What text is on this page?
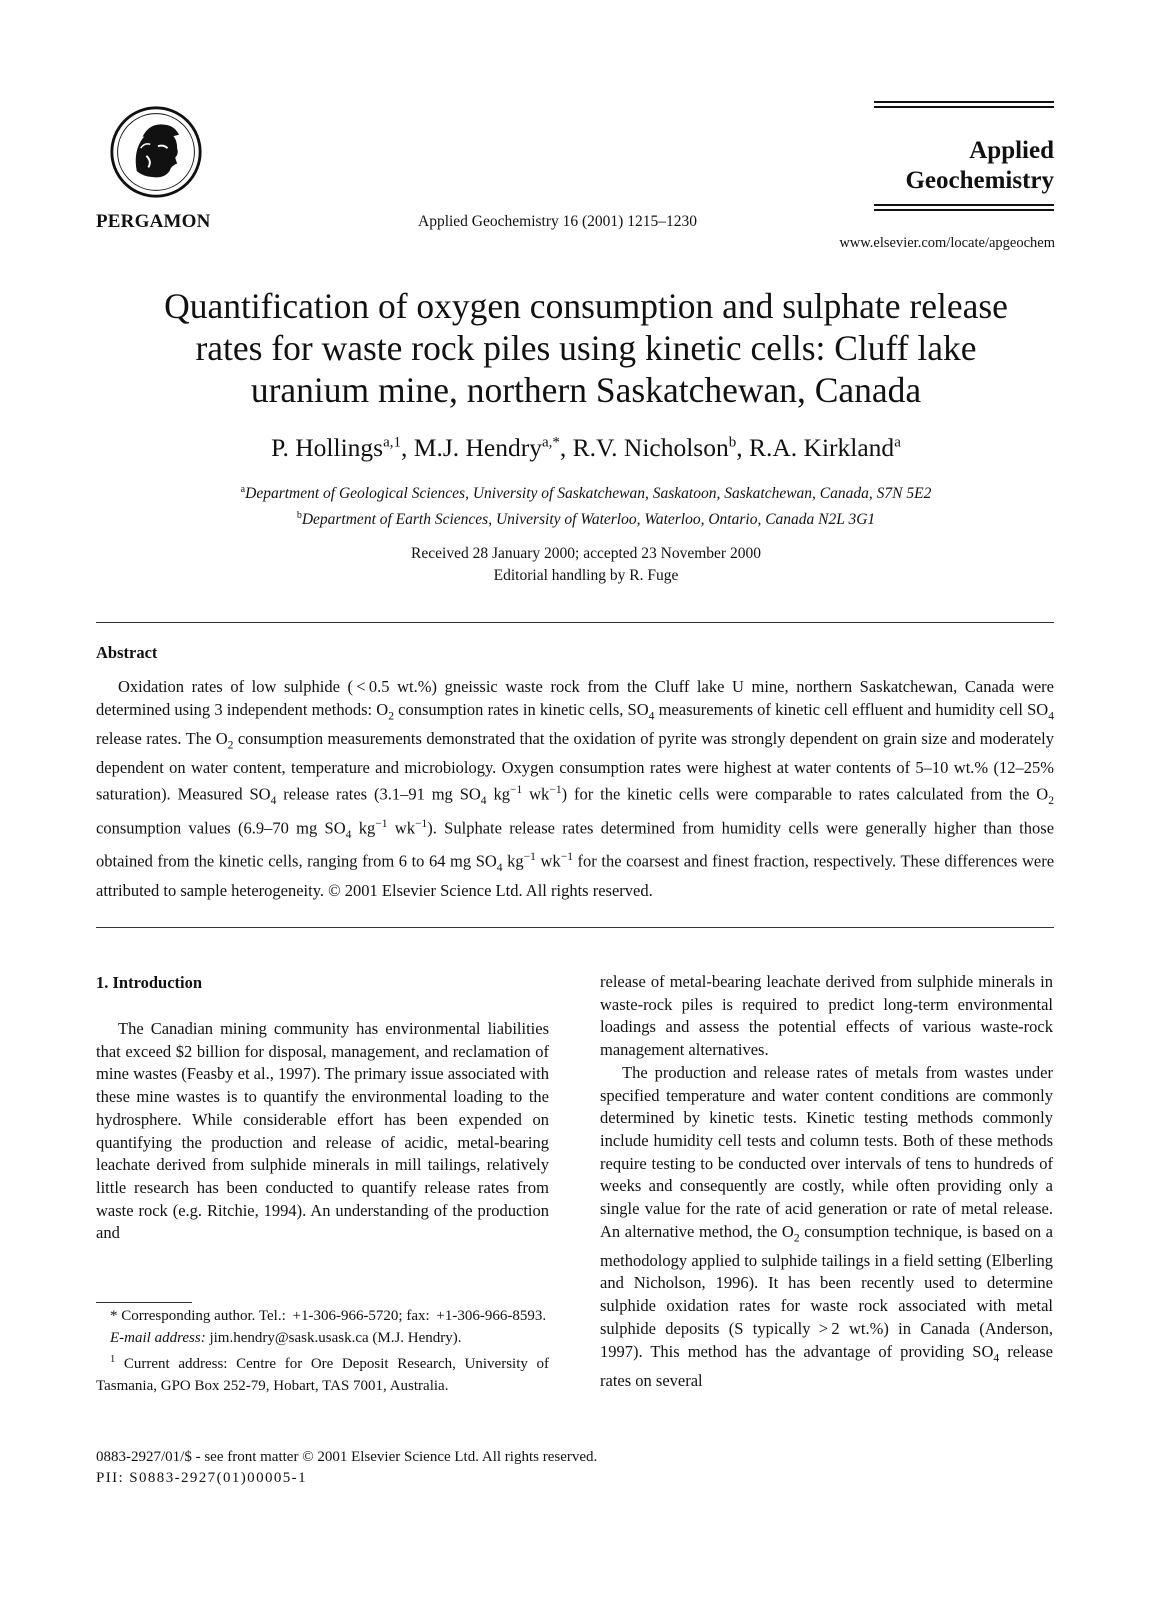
PERGAMON	Applied Geochemistry 16 (2001) 1215–1230
Applied
Geochemistry
www.elsevier.com/locate/apgeochem
Quantification of oxygen consumption and sulphate release
rates for waste rock piles using kinetic cells: Cluff lake
uranium mine, northern Saskatchewan, Canada
P. Hollings$^{a,1}$, M.J. Hendry$^{a,*}$, R.V. Nicholson$^b$, R.A. Kirkland$^a$
$^a$Department of Geological Sciences, University of Saskatchewan, Saskatoon, Saskatchewan, Canada, S7N 5E2
$^b$Department of Earth Sciences, University of Waterloo, Waterloo, Ontario, Canada N2L 3G1
Received 28 January 2000; accepted 23 November 2000
Editorial handling by R. Fuge
Abstract
Oxidation rates of low sulphide ( < 0.5 wt.%) gneissic waste rock from the Cluff lake U mine, northern Saskatchewan, Canada were determined using 3 independent methods: $O_2$ consumption rates in kinetic cells, $SO_4$ measurements of kinetic cell effluent and humidity cell $SO_4$ release rates. The $O_2$ consumption measurements demonstrated that the oxidation of pyrite was strongly dependent on grain size and moderately dependent on water content, temperature and microbiology. Oxygen consumption rates were highest at water contents of 5–10 wt.% (12–25% saturation). Measured $SO_4$ release rates (3.1–91 mg $SO_4$ $kg^{-1}$ $wk^{-1}$) for the kinetic cells were comparable to rates calculated from the $O_2$ consumption values (6.9–70 mg $SO_4$ $kg^{-1}$ $wk^{-1}$). Sulphate release rates determined from humidity cells were generally higher than those obtained from the kinetic cells, ranging from 6 to 64 mg $SO_4$ $kg^{-1}$ $wk^{-1}$ for the coarsest and finest fraction, respectively. These differences were attributed to sample heterogeneity. © 2001 Elsevier Science Ltd. All rights reserved.
1. Introduction

The Canadian mining community has environmental liabilities that exceed $2 billion for disposal, management, and reclamation of mine wastes (Feasby et al., 1997). The primary issue associated with these mine wastes is to quantify the environmental loading to the hydrosphere. While considerable effort has been expended on quantifying the production and release of acidic, metal-bearing leachate derived from sulphide minerals in mill tailings, relatively little research has been conducted to quantify release rates from waste rock (e.g. Ritchie, 1994). An understanding of the production and

release of metal-bearing leachate derived from sulphide minerals in waste-rock piles is required to predict long-term environmental loadings and assess the potential effects of various waste-rock management alternatives.

The production and release rates of metals from wastes under specified temperature and water content conditions are commonly determined by kinetic tests. Kinetic testing methods commonly include humidity cell tests and column tests. Both of these methods require testing to be conducted over intervals of tens to hundreds of weeks and consequently are costly, while often providing only a single value for the rate of acid generation or rate of metal release. An alternative method, the $O_2$ consumption technique, is based on a methodology applied to sulphide tailings in a field setting (Elberling and Nicholson, 1996). It has been recently used to determine sulphide oxidation rates for waste rock associated with metal sulphide deposits (S typically > 2 wt.%) in Canada (Anderson, 1997). This method has the advantage of providing $SO_4$ release rates on several

* Corresponding author. Tel.:  +1-306-966-5720; fax:  +1-306-966-8593.

E-mail address: jim.hendry@sask.usask.ca (M.J. Hendry).

$^1$ Current address: Centre for Ore Deposit Research, University of Tasmania, GPO Box 252-79, Hobart, TAS 7001, Australia.

0883-2927/01/$ - see front matter © 2001 Elsevier Science Ltd. All rights reserved.
PII: S0883-2927(01)00005-1
